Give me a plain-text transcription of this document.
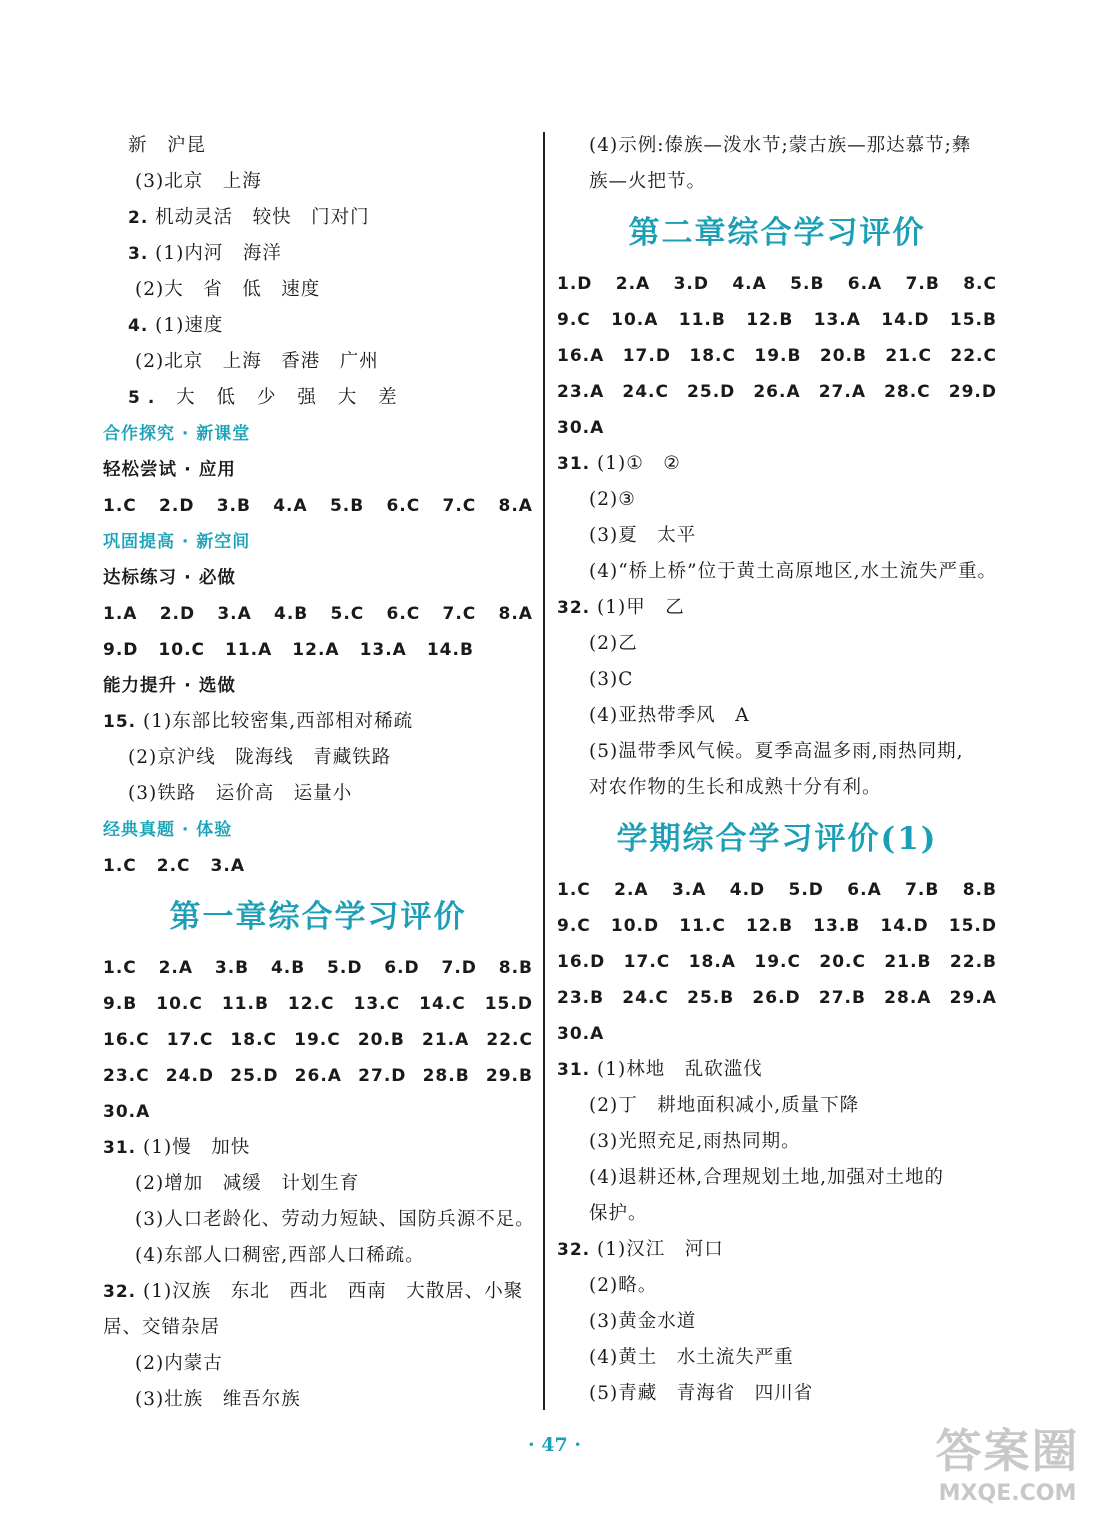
新　沪昆
(3)北京　上海
2. 机动灵活　较快　门对门
3. (1)内河　海洋
(2)大　省　低　速度
4. (1)速度
(2)北京　上海　香港　广州
5. 大 低 少 强 大 差
合作探究 · 新课堂
轻松尝试 · 应用
1.C 2.D 3.B 4.A 5.B 6.C 7.C 8.A
巩固提高 · 新空间
达标练习 · 必做
1.A 2.D 3.A 4.B 5.C 6.C 7.C 8.A
9.D 10.C 11.A 12.A 13.A 14.B
能力提升 · 选做
15. (1)东部比较密集,西部相对稀疏
(2)京沪线　陇海线　青藏铁路
(3)铁路　运价高　运量小
经典真题 · 体验
1.C 2.C 3.A
第一章综合学习评价
1.C 2.A 3.B 4.B 5.D 6.D 7.D 8.B
9.B 10.C 11.B 12.C 13.C 14.C 15.D
16.C 17.C 18.C 19.C 20.B 21.A 22.C
23.C 24.D 25.D 26.A 27.D 28.B 29.B
30.A
31. (1)慢　加快
(2)增加　减缓　计划生育
(3)人口老龄化、劳动力短缺、国防兵源不足。
(4)东部人口稠密,西部人口稀疏。
32. (1)汉族　东北　西北　西南　大散居、小聚
居、交错杂居
(2)内蒙古
(3)壮族　维吾尔族
(4)示例:傣族—泼水节;蒙古族—那达慕节;彝
族—火把节。
第二章综合学习评价
1.D 2.A 3.D 4.A 5.B 6.A 7.B 8.C
9.C 10.A 11.B 12.B 13.A 14.D 15.B
16.A 17.D 18.C 19.B 20.B 21.C 22.C
23.A 24.C 25.D 26.A 27.A 28.C 29.D
30.A
31. (1)①　②
(2)③
(3)夏　太平
(4)“桥上桥”位于黄土高原地区,水土流失严重。
32. (1)甲　乙
(2)乙
(3)C
(4)亚热带季风　A
(5)温带季风气候。夏季高温多雨,雨热同期,
对农作物的生长和成熟十分有利。
学期综合学习评价(1)
1.C 2.A 3.A 4.D 5.D 6.A 7.B 8.B
9.C 10.D 11.C 12.B 13.B 14.D 15.D
16.D 17.C 18.A 19.C 20.C 21.B 22.B
23.B 24.C 25.B 26.D 27.B 28.A 29.A
30.A
31. (1)林地　乱砍滥伐
(2)丁　耕地面积减小,质量下降
(3)光照充足,雨热同期。
(4)退耕还林,合理规划土地,加强对土地的
保护。
32. (1)汉江　河口
(2)略。
(3)黄金水道
(4)黄土　水土流失严重
(5)青藏　青海省　四川省
· 47 ·	答案圈
MXQE.COM
